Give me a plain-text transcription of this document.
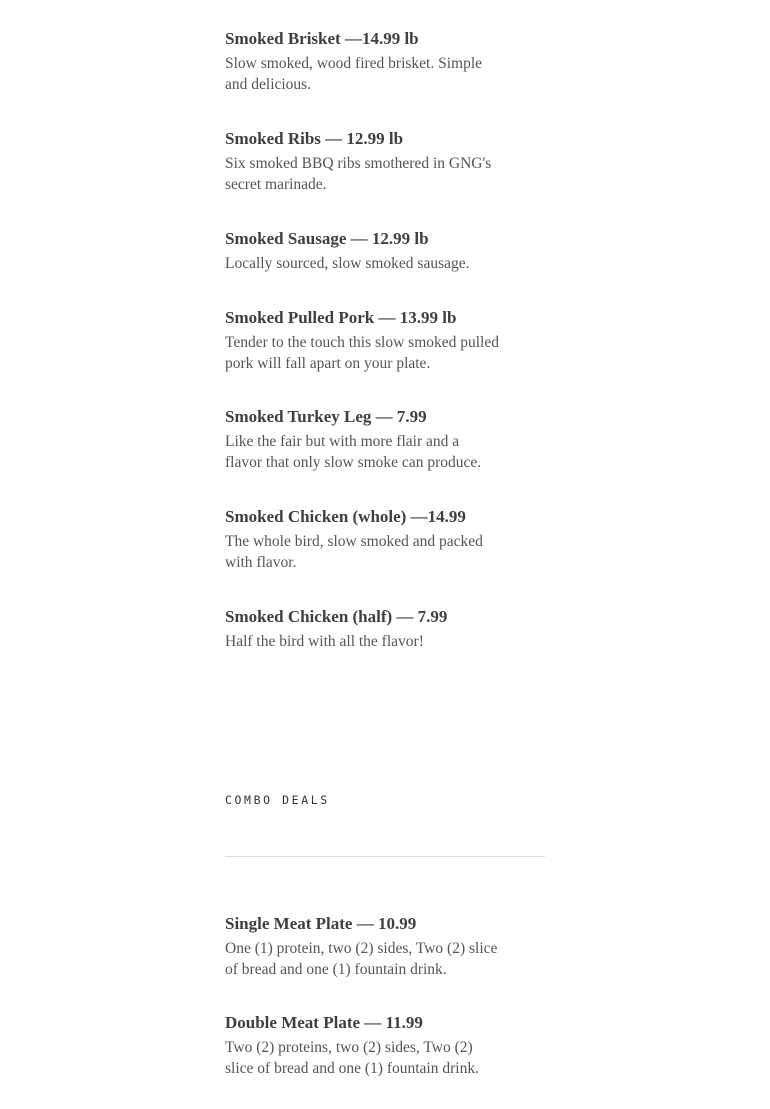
Smoked Brisket —14.99 lb

Slow smoked, wood fired brisket. Simple and delicious.

Smoked Ribs — 12.99 lb

Six smoked BBQ ribs smothered in GNG's secret marinade.

Smoked Sausage — 12.99 lb

Locally sourced, slow smoked sausage.

Smoked Pulled Pork — 13.99 lb

Tender to the touch this slow smoked pulled pork will fall apart on your plate.

Smoked Turkey Leg — 7.99

Like the fair but with more flair and a flavor that only slow smoke can produce.

Smoked Chicken (whole) —14.99

The whole bird, slow smoked and packed with flavor.

Smoked Chicken (half) — 7.99

Half the bird with all the flavor!

COMBO DEALS

Single Meat Plate — 10.99

One (1) protein, two (2) sides, Two (2) slice of bread and one (1) fountain drink.

Double Meat Plate — 11.99

Two (2) proteins, two (2) sides, Two (2) slice of bread and one (1) fountain drink.
